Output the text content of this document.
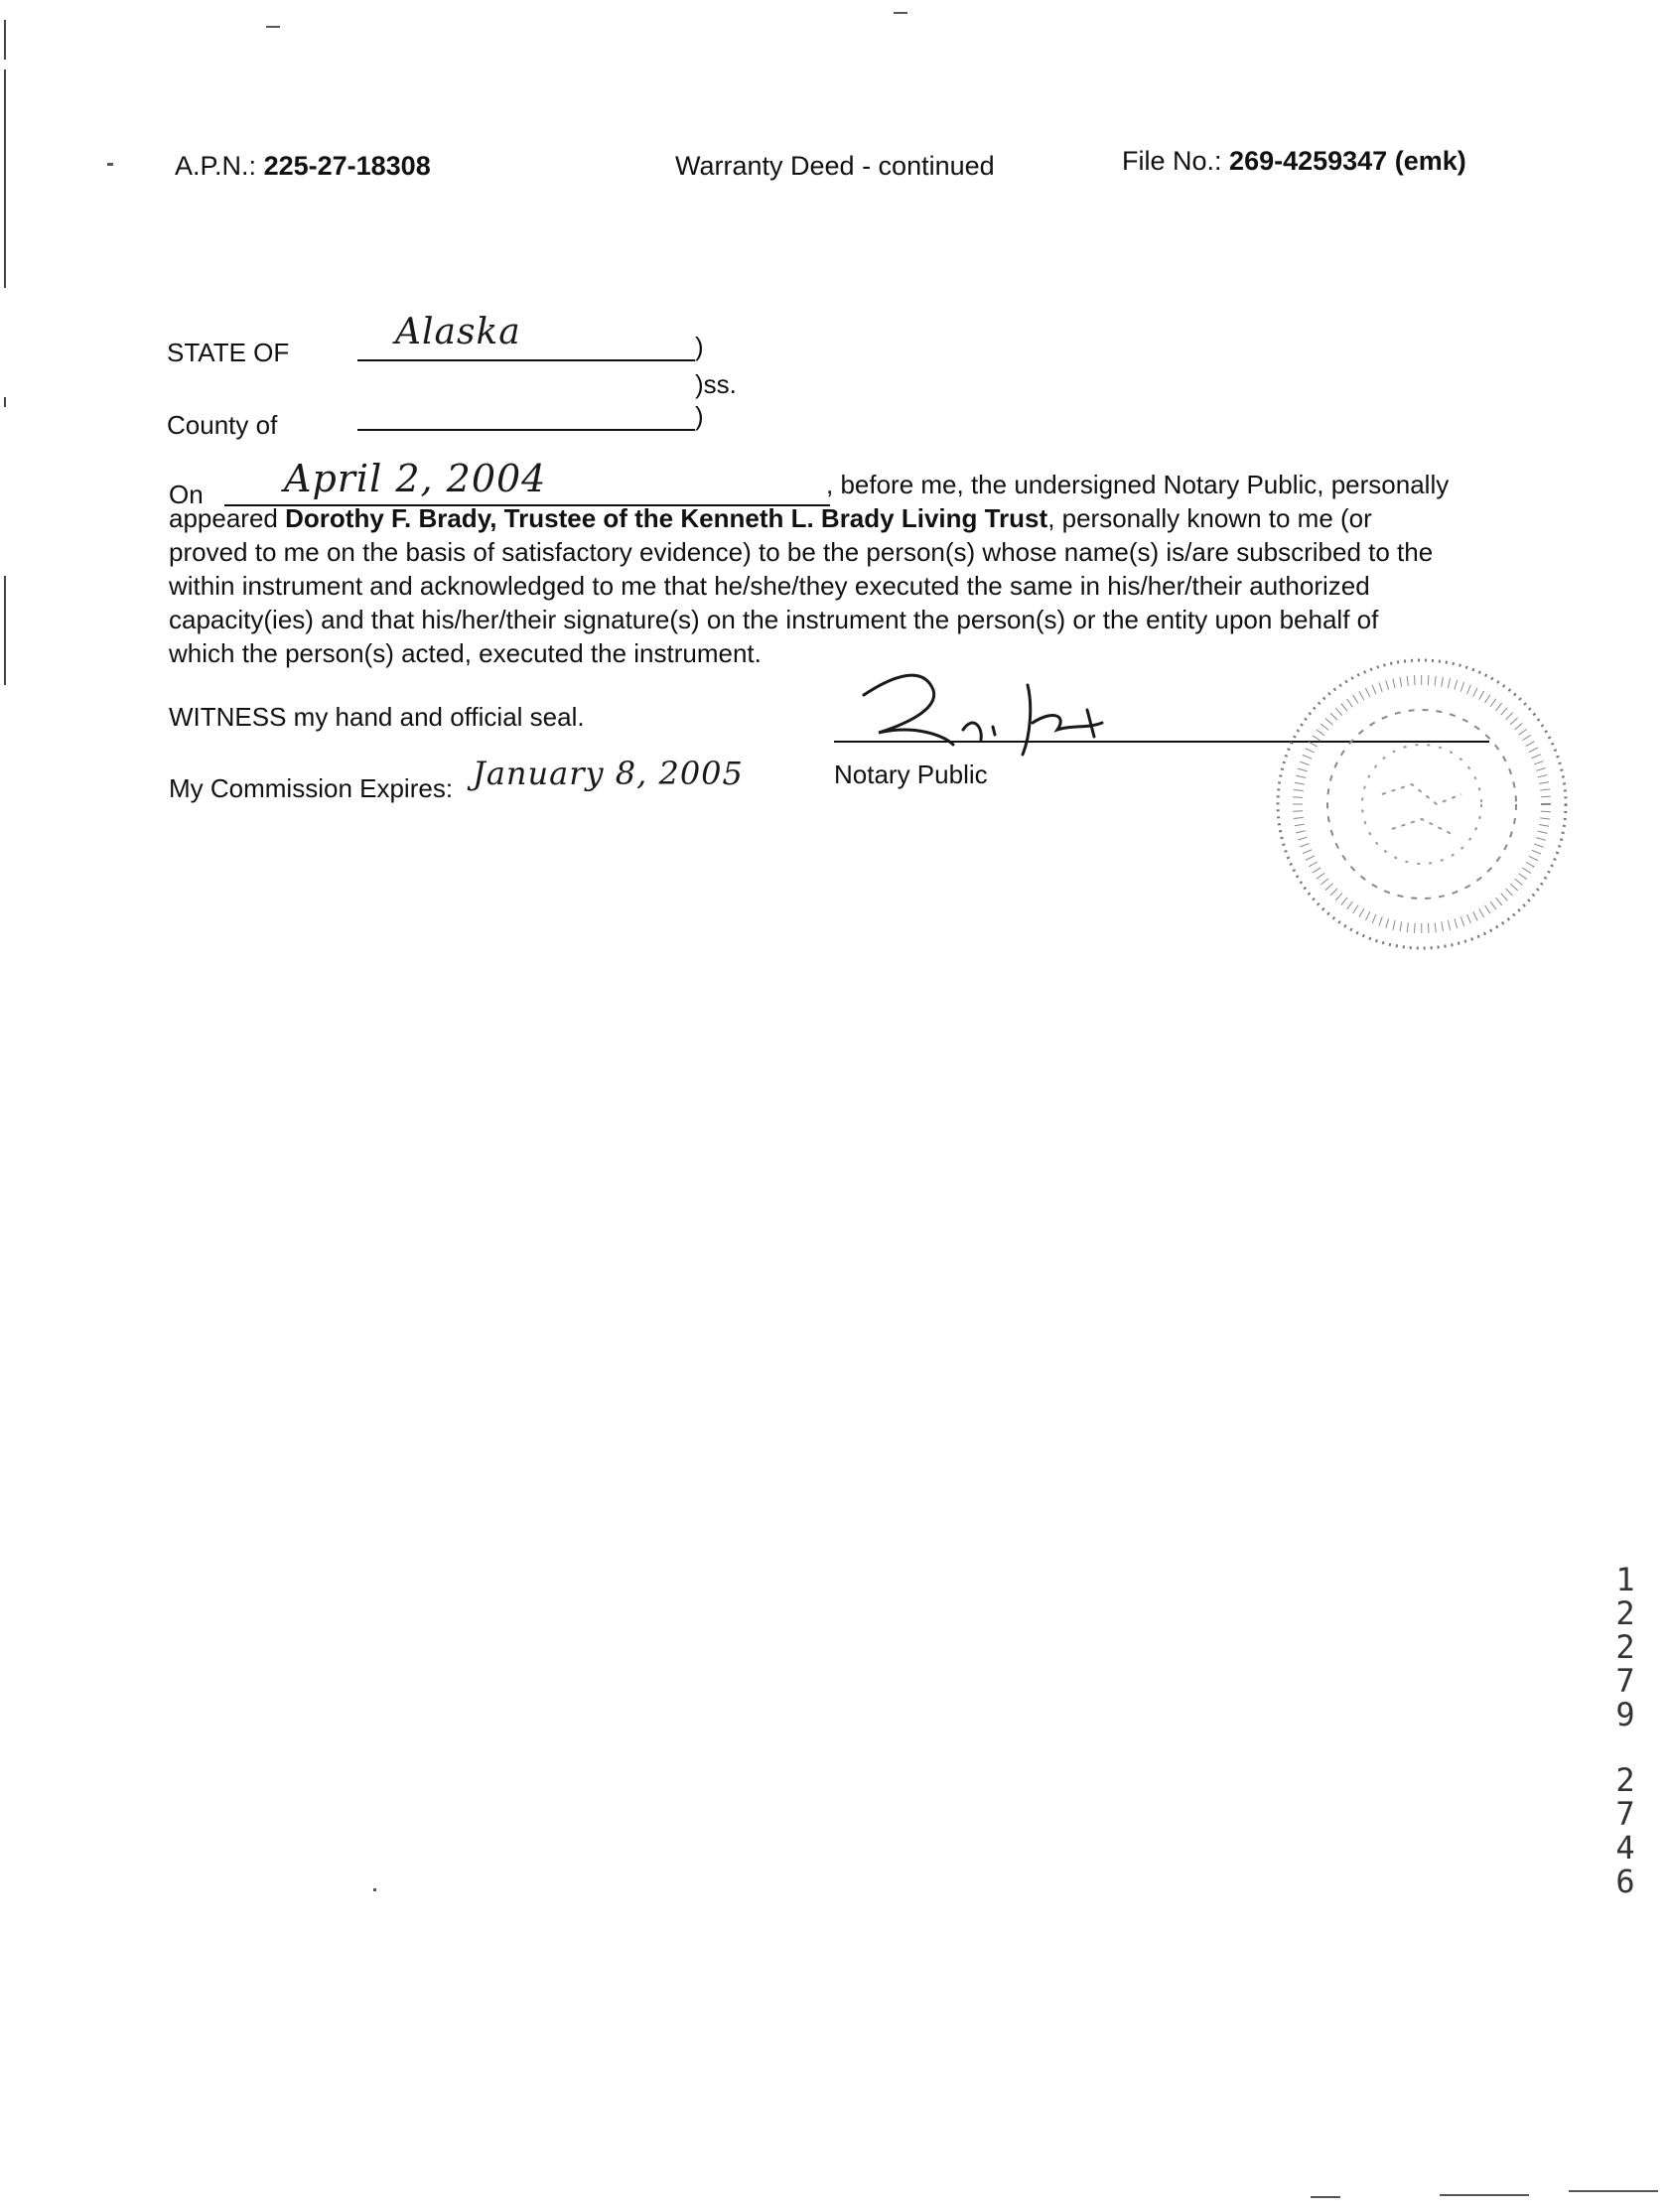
A.P.N.: 225-27-18308	Warranty Deed - continued	File No.: 269-4259347 (emk)
STATE OF	Alaska	)
)ss.
County of	)
On April 2, 2004	, before me, the undersigned Notary Public, personally
appeared Dorothy F. Brady, Trustee of the Kenneth L. Brady Living Trust, personally known to me (or
proved to me on the basis of satisfactory evidence) to be the person(s) whose name(s) is/are subscribed to the
within instrument and acknowledged to me that he/she/they executed the same in his/her/their authorized
capacity(ies) and that his/her/their signature(s) on the instrument the person(s) or the entity upon behalf of
which the person(s) acted, executed the instrument.
WITNESS my hand and official seal.
My Commission Expires: January 8, 2005	Notary Public
1
2
2
7
9
2
7
4
6
